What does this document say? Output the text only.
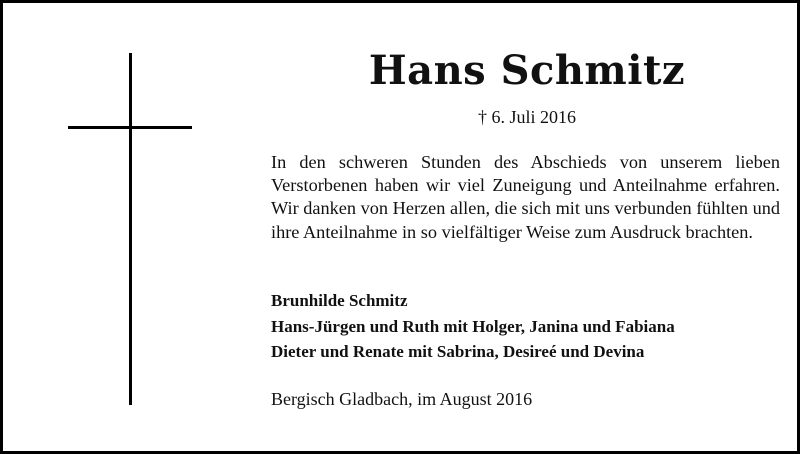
Hans Schmitz
† 6. Juli 2016

In den schweren Stunden des Abschieds von unserem lieben Verstorbenen haben wir viel Zuneigung und Anteilnahme erfahren. Wir danken von Herzen allen, die sich mit uns verbunden fühlten und ihre Anteilnahme in so vielfältiger Weise zum Ausdruck brachten.

Brunhilde Schmitz
Hans-Jürgen und Ruth mit Holger, Janina und Fabiana
Dieter und Renate mit Sabrina, Desireé und Devina
Bergisch Gladbach, im August 2016
